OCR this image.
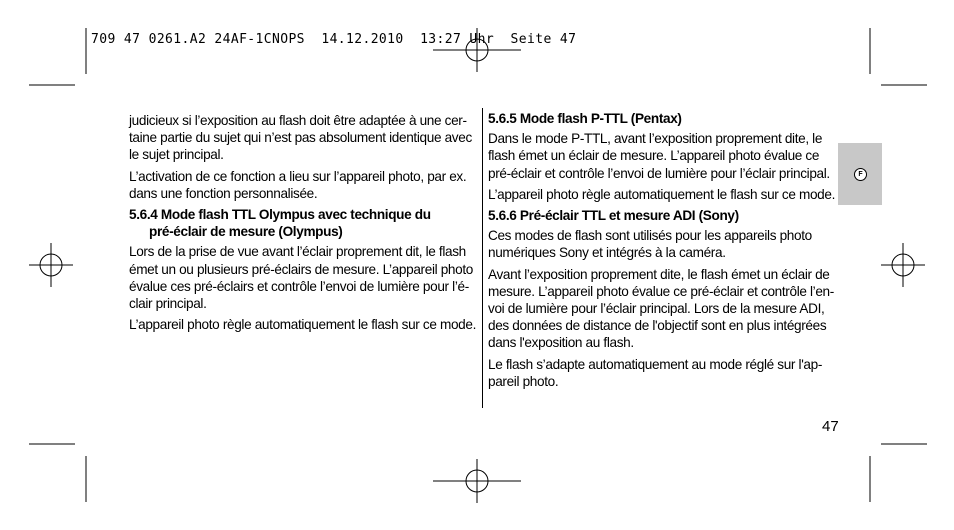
709 47 0261.A2 24AF-1CNOPS  14.12.2010  13:27 Uhr  Seite 47

judicieux si l’exposition au flash doit être adaptée à une cer-taine partie du sujet qui n’est pas absolument identique avec le sujet principal.

L’activation de ce fonction a lieu sur l’appareil photo, par ex. dans une fonction personnalisée.

5.6.4 Mode flash TTL Olympus avec technique du
pré-éclair de mesure (Olympus)

Lors de la prise de vue avant l’éclair proprement dit, le flash émet un ou plusieurs pré-éclairs de mesure. L’appareil photo évalue ces pré-éclairs et contrôle l’envoi de lumière pour l’é-clair principal.

L’appareil photo règle automatiquement le flash sur ce mode.

5.6.5 Mode flash P-TTL (Pentax)

Dans le mode P-TTL, avant l’exposition proprement dite, le flash émet un éclair de mesure. L’appareil photo évalue ce pré-éclair et contrôle l’envoi de lumière pour l’éclair principal.

L’appareil photo règle automatiquement le flash sur ce mode.

5.6.6 Pré-éclair TTL et mesure ADI (Sony)

Ces modes de flash sont utilisés pour les appareils photo numériques Sony et intégrés à la caméra.

Avant l’exposition proprement dite, le flash émet un éclair de mesure. L’appareil photo évalue ce pré-éclair et contrôle l’en-voi de lumière pour l’éclair principal. Lors de la mesure ADI, des données de distance de l'objectif sont en plus intégrées dans l'exposition au flash.

Le flash s’adapte automatiquement au mode réglé sur l'ap-pareil photo.

F
47
